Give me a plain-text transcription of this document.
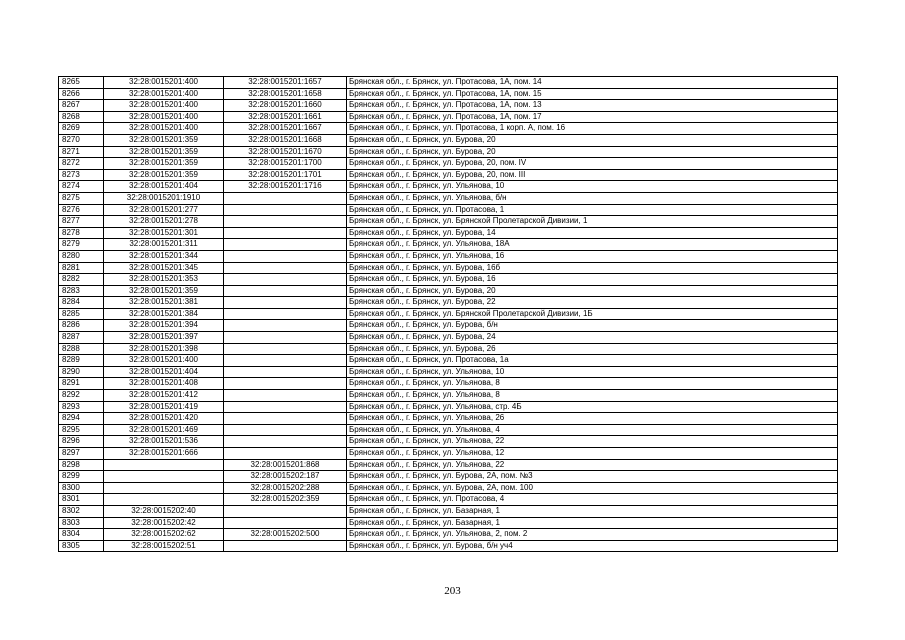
8265	32:28:0015201:400	32:28:0015201:1657	Брянская обл., г. Брянск, ул. Протасова, 1А, пом. 14
8266	32:28:0015201:400	32:28:0015201:1658	Брянская обл., г. Брянск, ул. Протасова, 1А, пом. 15
8267	32:28:0015201:400	32:28:0015201:1660	Брянская обл., г. Брянск, ул. Протасова, 1А, пом. 13
8268	32:28:0015201:400	32:28:0015201:1661	Брянская обл., г. Брянск, ул. Протасова, 1А, пом. 17
8269	32:28:0015201:400	32:28:0015201:1667	Брянская обл., г. Брянск, ул. Протасова, 1 корп. А, пом. 16
8270	32:28:0015201:359	32:28:0015201:1668	Брянская обл., г. Брянск, ул. Бурова, 20
8271	32:28:0015201:359	32:28:0015201:1670	Брянская обл., г. Брянск, ул. Бурова, 20
8272	32:28:0015201:359	32:28:0015201:1700	Брянская обл., г. Брянск, ул. Бурова, 20, пом. IV
8273	32:28:0015201:359	32:28:0015201:1701	Брянская обл., г. Брянск, ул. Бурова, 20, пом. III
8274	32:28:0015201:404	32:28:0015201:1716	Брянская обл., г. Брянск, ул. Ульянова, 10
8275	32:28:0015201:1910		Брянская обл., г. Брянск, ул. Ульянова, б/н
8276	32:28:0015201:277		Брянская обл., г. Брянск, ул. Протасова, 1
8277	32:28:0015201:278		Брянская обл., г. Брянск, ул. Брянской Пролетарской Дивизии, 1
8278	32:28:0015201:301		Брянская обл., г. Брянск, ул. Бурова, 14
8279	32:28:0015201:311		Брянская обл., г. Брянск, ул. Ульянова, 18А
8280	32:28:0015201:344		Брянская обл., г. Брянск, ул. Ульянова, 16
8281	32:28:0015201:345		Брянская обл., г. Брянск, ул. Бурова, 16б
8282	32:28:0015201:353		Брянская обл., г. Брянск, ул. Бурова, 16
8283	32:28:0015201:359		Брянская обл., г. Брянск, ул. Бурова, 20
8284	32:28:0015201:381		Брянская обл., г. Брянск, ул. Бурова, 22
8285	32:28:0015201:384		Брянская обл., г. Брянск, ул. Брянской Пролетарской Дивизии, 1Б
8286	32:28:0015201:394		Брянская обл., г. Брянск, ул. Бурова, б/н
8287	32:28:0015201:397		Брянская обл., г. Брянск, ул. Бурова, 24
8288	32:28:0015201:398		Брянская обл., г. Брянск, ул. Бурова, 26
8289	32:28:0015201:400		Брянская обл., г. Брянск, ул. Протасова, 1а
8290	32:28:0015201:404		Брянская обл., г. Брянск, ул. Ульянова, 10
8291	32:28:0015201:408		Брянская обл., г. Брянск, ул. Ульянова, 8
8292	32:28:0015201:412		Брянская обл., г. Брянск, ул. Ульянова, 8
8293	32:28:0015201:419		Брянская обл., г. Брянск, ул. Ульянова, стр. 4Б
8294	32:28:0015201:420		Брянская обл., г. Брянск, ул. Ульянова, 26
8295	32:28:0015201:469		Брянская обл., г. Брянск, ул. Ульянова, 4
8296	32:28:0015201:536		Брянская обл., г. Брянск, ул. Ульянова, 22
8297	32:28:0015201:666		Брянская обл., г. Брянск, ул. Ульянова, 12
8298		32:28:0015201:868	Брянская обл., г. Брянск, ул. Ульянова, 22
8299		32:28:0015202:187	Брянская обл., г. Брянск, ул. Бурова, 2А, пом. №3
8300		32:28:0015202:288	Брянская обл., г. Брянск, ул. Бурова, 2А, пом. 100
8301		32:28:0015202:359	Брянская обл., г. Брянск, ул. Протасова, 4
8302	32:28:0015202:40		Брянская обл., г. Брянск, ул. Базарная, 1
8303	32:28:0015202:42		Брянская обл., г. Брянск, ул. Базарная, 1
8304	32:28:0015202:62	32:28:0015202:500	Брянская обл., г. Брянск, ул. Ульянова, 2, пом. 2
8305	32:28:0015202:51		Брянская обл., г. Брянск, ул. Бурова, б/н уч4
203
